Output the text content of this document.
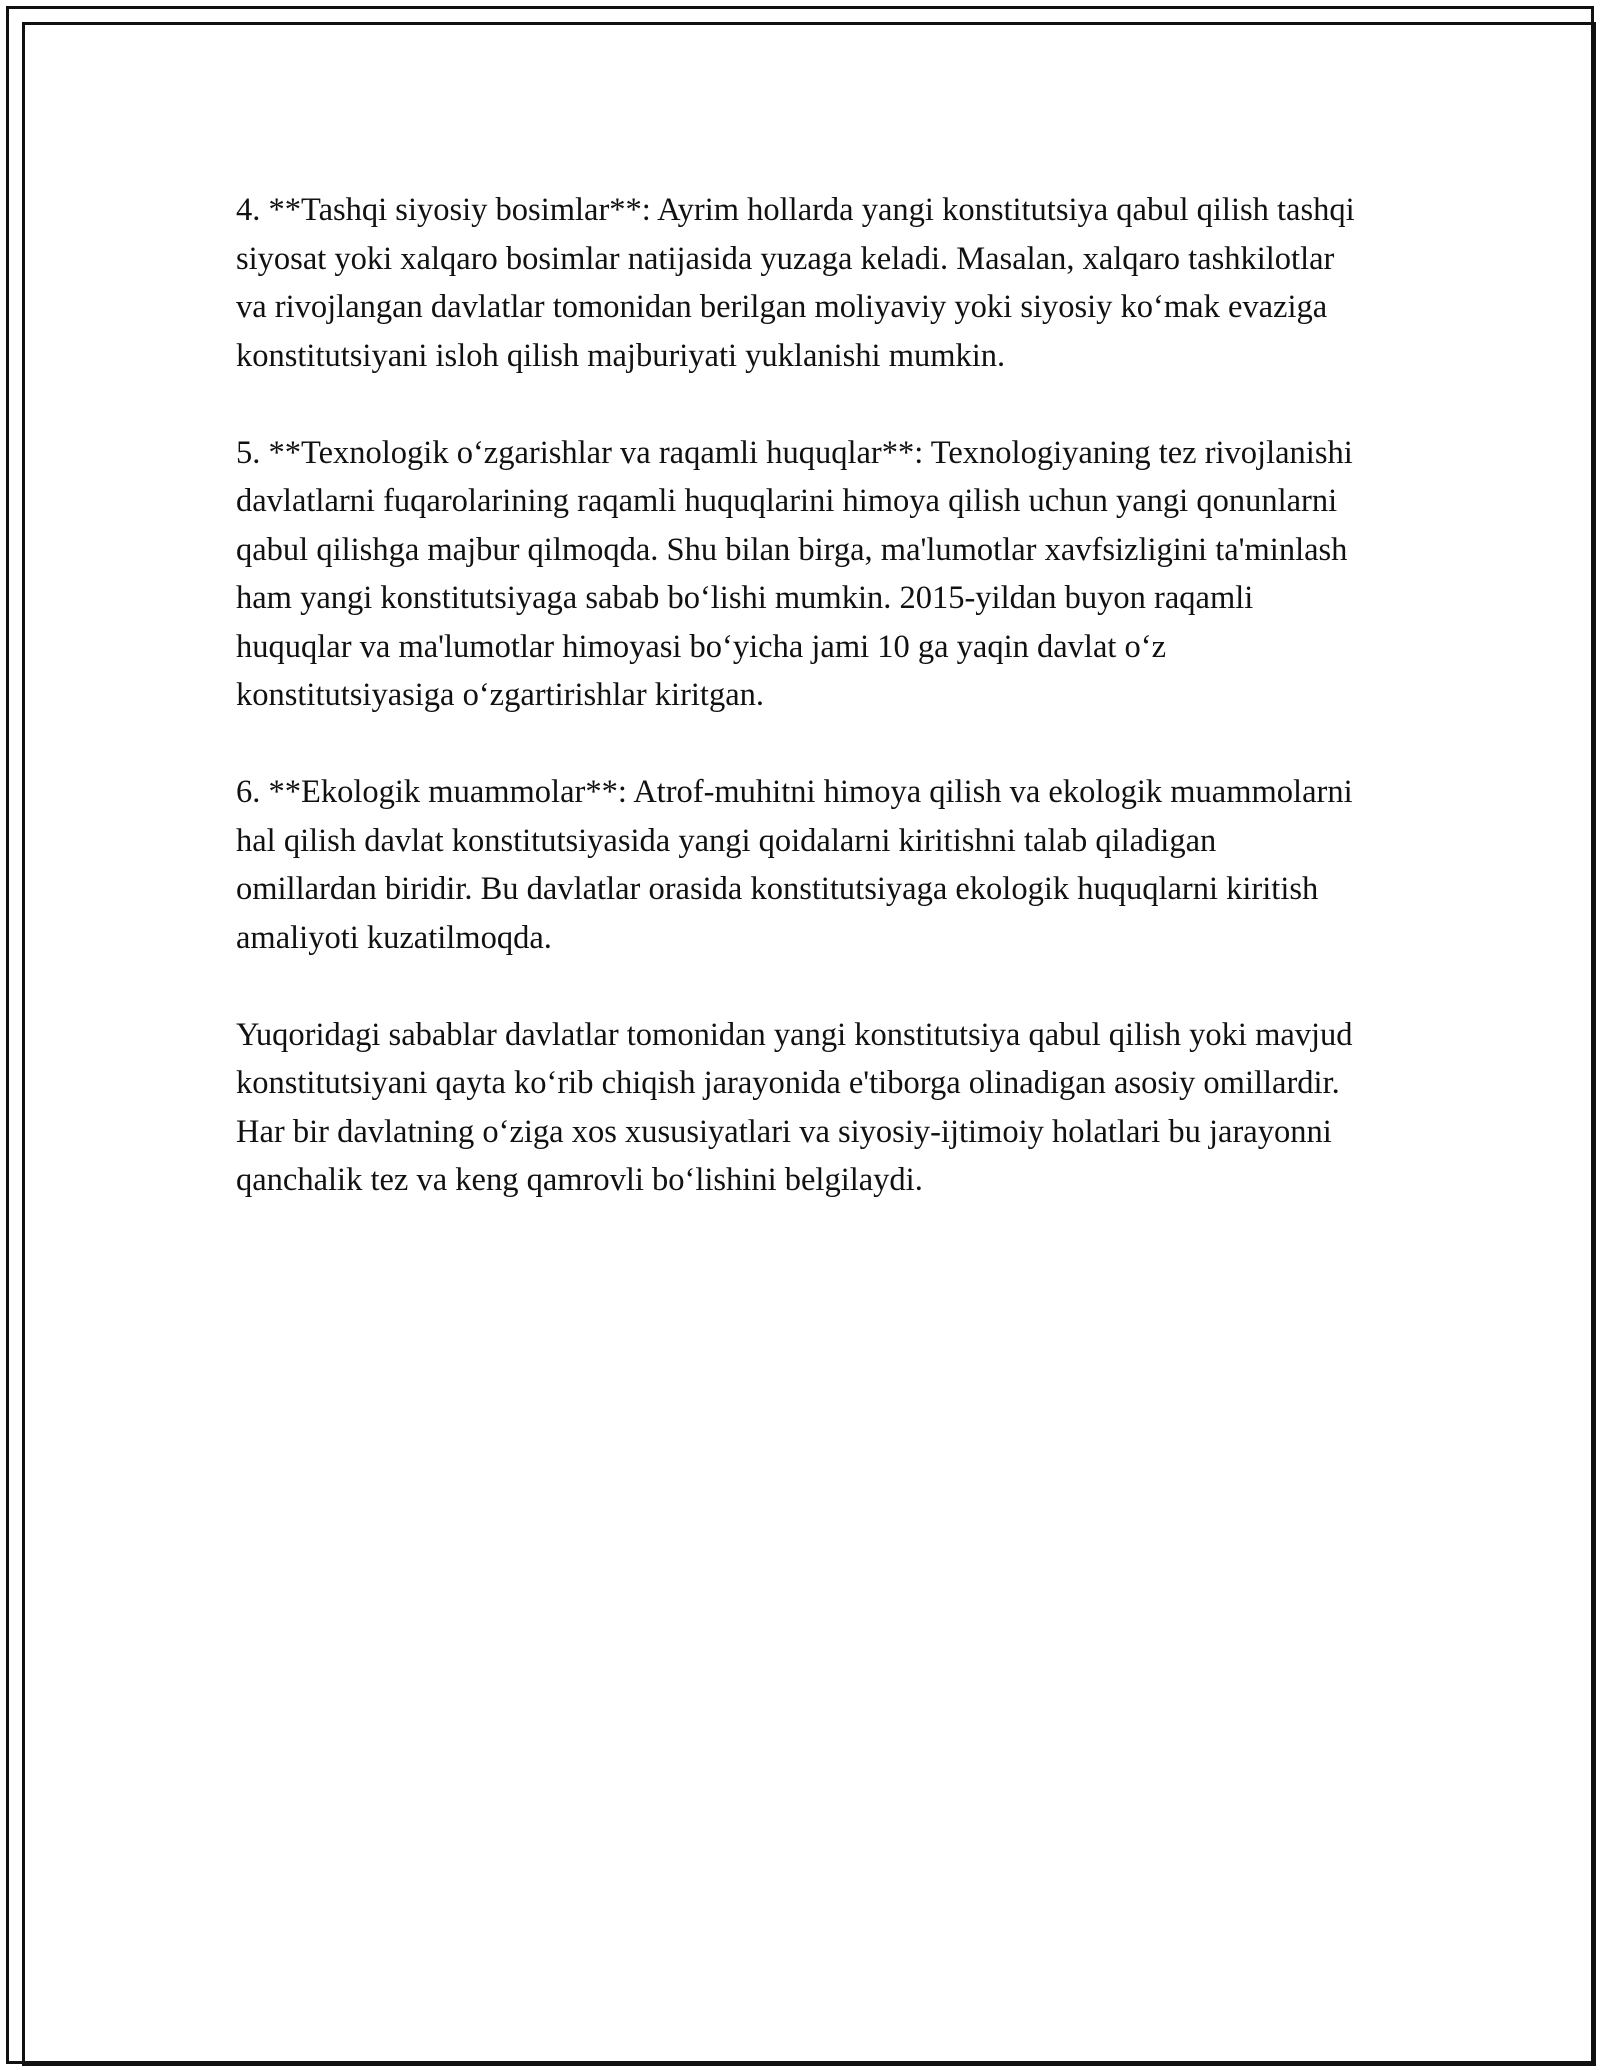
4. **Tashqi siyosiy bosimlar**: Ayrim hollarda yangi konstitutsiya qabul qilish tashqi siyosat yoki xalqaro bosimlar natijasida yuzaga keladi. Masalan, xalqaro tashkilotlar va rivojlangan davlatlar tomonidan berilgan moliyaviy yoki siyosiy koʻmak evaziga konstitutsiyani isloh qilish majburiyati yuklanishi mumkin.

5. **Texnologik oʻzgarishlar va raqamli huquqlar**: Texnologiyaning tez rivojlanishi davlatlarni fuqarolarining raqamli huquqlarini himoya qilish uchun yangi qonunlarni qabul qilishga majbur qilmoqda. Shu bilan birga, ma'lumotlar xavfsizligini ta'minlash ham yangi konstitutsiyaga sabab boʻlishi mumkin. 2015-yildan buyon raqamli huquqlar va ma'lumotlar himoyasi boʻyicha jami 10 ga yaqin davlat oʻz konstitutsiyasiga oʻzgartirishlar kiritgan.

6. **Ekologik muammolar**: Atrof-muhitni himoya qilish va ekologik muammolarni hal qilish davlat konstitutsiyasida yangi qoidalarni kiritishni talab qiladigan omillardan biridir. Bu davlatlar orasida konstitutsiyaga ekologik huquqlarni kiritish amaliyoti kuzatilmoqda.

Yuqoridagi sabablar davlatlar tomonidan yangi konstitutsiya qabul qilish yoki mavjud konstitutsiyani qayta koʻrib chiqish jarayonida e'tiborga olinadigan asosiy omillardir. Har bir davlatning oʻziga xos xususiyatlari va siyosiy-ijtimoiy holatlari bu jarayonni qanchalik tez va keng qamrovli boʻlishini belgilaydi.
